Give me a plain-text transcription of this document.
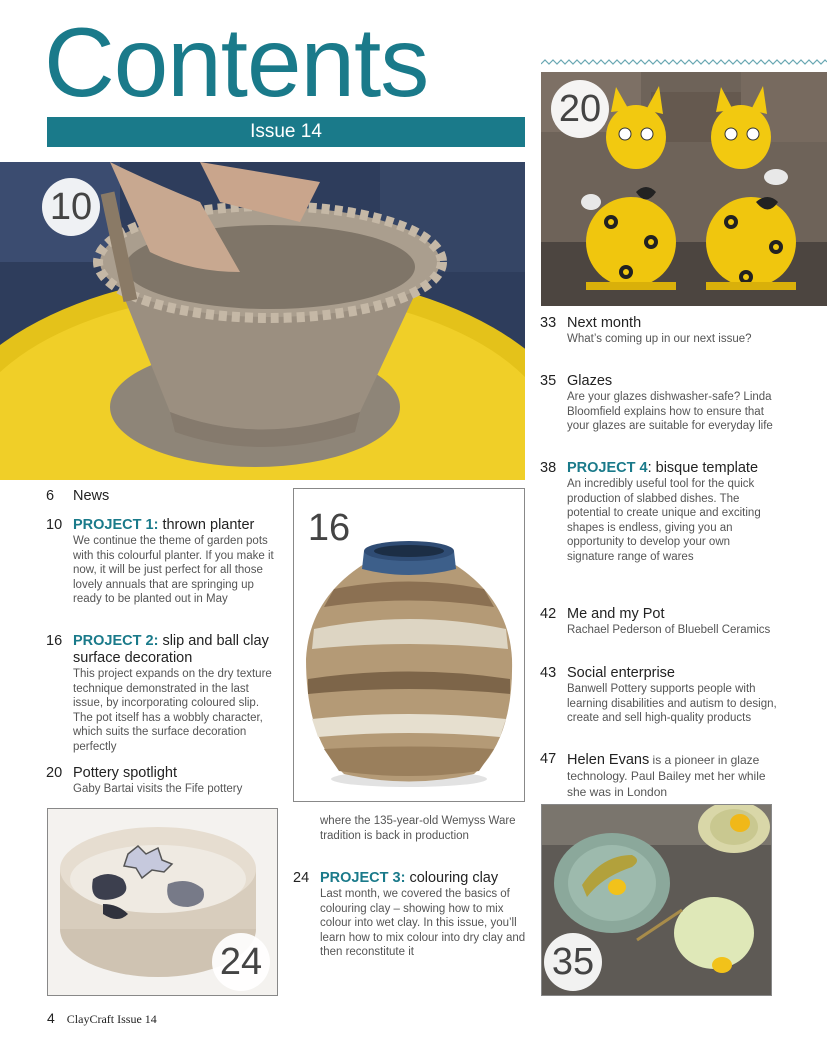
Contents
Issue 14
10
20
16
24	35
6 News
10 PROJECT 1: thrown planter
We continue the theme of garden pots with this colourful planter. If you make it now, it will be just perfect for all those lovely annuals that are springing up ready to be planted out in May
16 PROJECT 2: slip and ball clay surface decoration
This project expands on the dry texture technique demonstrated in the last issue, by incorporating coloured slip. The pot itself has a wobbly character, which suits the surface decoration perfectly
20 Pottery spotlight
Gaby Bartai visits the Fife pottery
where the 135-year-old Wemyss Ware tradition is back in production
24 PROJECT 3: colouring clay
Last month, we covered the basics of colouring clay – showing how to mix colour into wet clay. In this issue, you’ll learn how to mix colour into dry clay and then reconstitute it
33 Next month
What’s coming up in our next issue?
35 Glazes
Are your glazes dishwasher-safe? Linda Bloomfield explains how to ensure that your glazes are suitable for everyday life
38 PROJECT 4: bisque template
An incredibly useful tool for the quick production of slabbed dishes. The potential to create unique and exciting shapes is endless, giving you an opportunity to develop your own signature range of wares
42 Me and my Pot
Rachael Pederson of Bluebell Ceramics
43 Social enterprise
Banwell Pottery supports people with learning disabilities and autism to design, create and sell high-quality products
47 Helen Evans is a pioneer in glaze technology. Paul Bailey met her while she was in London
4 ClayCraft Issue 14
